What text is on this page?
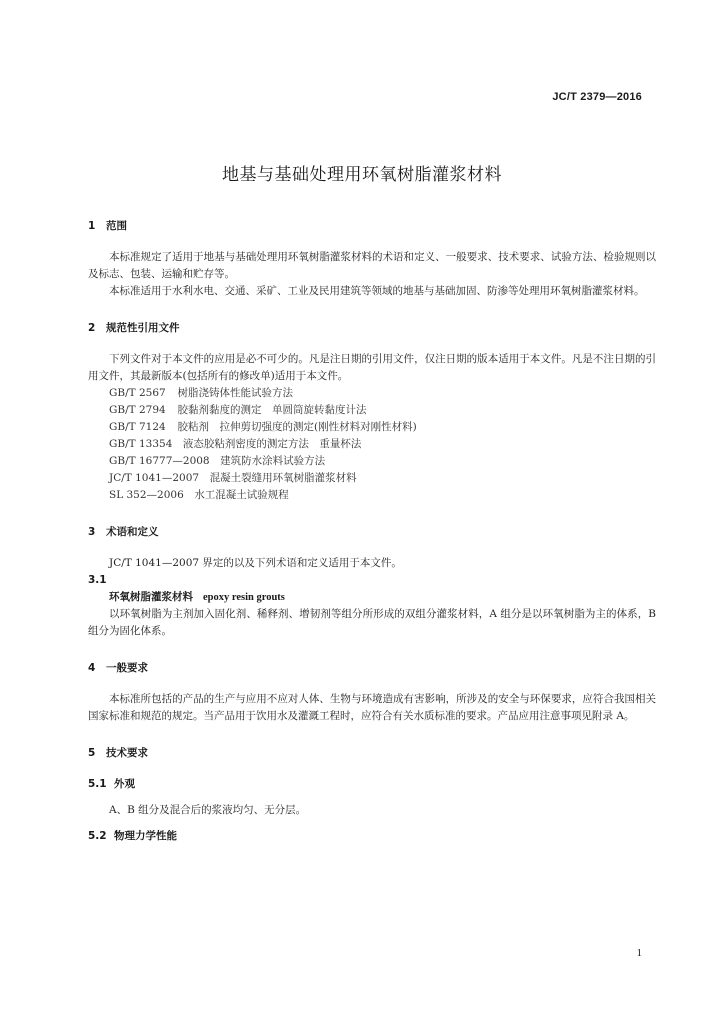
JC/T 2379—2016
地基与基础处理用环氧树脂灌浆材料

1 范围

本标准规定了适用于地基与基础处理用环氧树脂灌浆材料的术语和定义、一般要求、技术要求、试验方法、检验规则以及标志、包装、运输和贮存等。

本标准适用于水利水电、交通、采矿、工业及民用建筑等领域的地基与基础加固、防渗等处理用环氧树脂灌浆材料。

2 规范性引用文件

下列文件对于本文件的应用是必不可少的。凡是注日期的引用文件，仅注日期的版本适用于本文件。凡是不注日期的引用文件，其最新版本(包括所有的修改单)适用于本文件。

GB/T 2567　 树脂浇铸体性能试验方法

GB/T 2794　 胶黏剂黏度的测定　单圆筒旋转黏度计法

GB/T 7124　 胶粘剂　拉伸剪切强度的测定(刚性材料对刚性材料)

GB/T 13354　 液态胶粘剂密度的测定方法　重量杯法

GB/T 16777—2008　 建筑防水涂料试验方法

JC/T 1041—2007　 混凝土裂缝用环氧树脂灌浆材料

SL 352—2006　 水工混凝土试验规程

3 术语和定义

JC/T 1041—2007 界定的以及下列术语和定义适用于本文件。

3.1

环氧树脂灌浆材料 epoxy resin grouts

以环氧树脂为主剂加入固化剂、稀释剂、增韧剂等组分所形成的双组分灌浆材料，A 组分是以环氧树脂为主的体系，B 组分为固化体系。

4 一般要求

本标准所包括的产品的生产与应用不应对人体、生物与环境造成有害影响，所涉及的安全与环保要求，应符合我国相关国家标准和规范的规定。当产品用于饮用水及灌溉工程时，应符合有关水质标准的要求。产品应用注意事项见附录 A。

5 技术要求

5.1 外观

A、B 组分及混合后的浆液均匀、无分层。

5.2 物理力学性能

1
